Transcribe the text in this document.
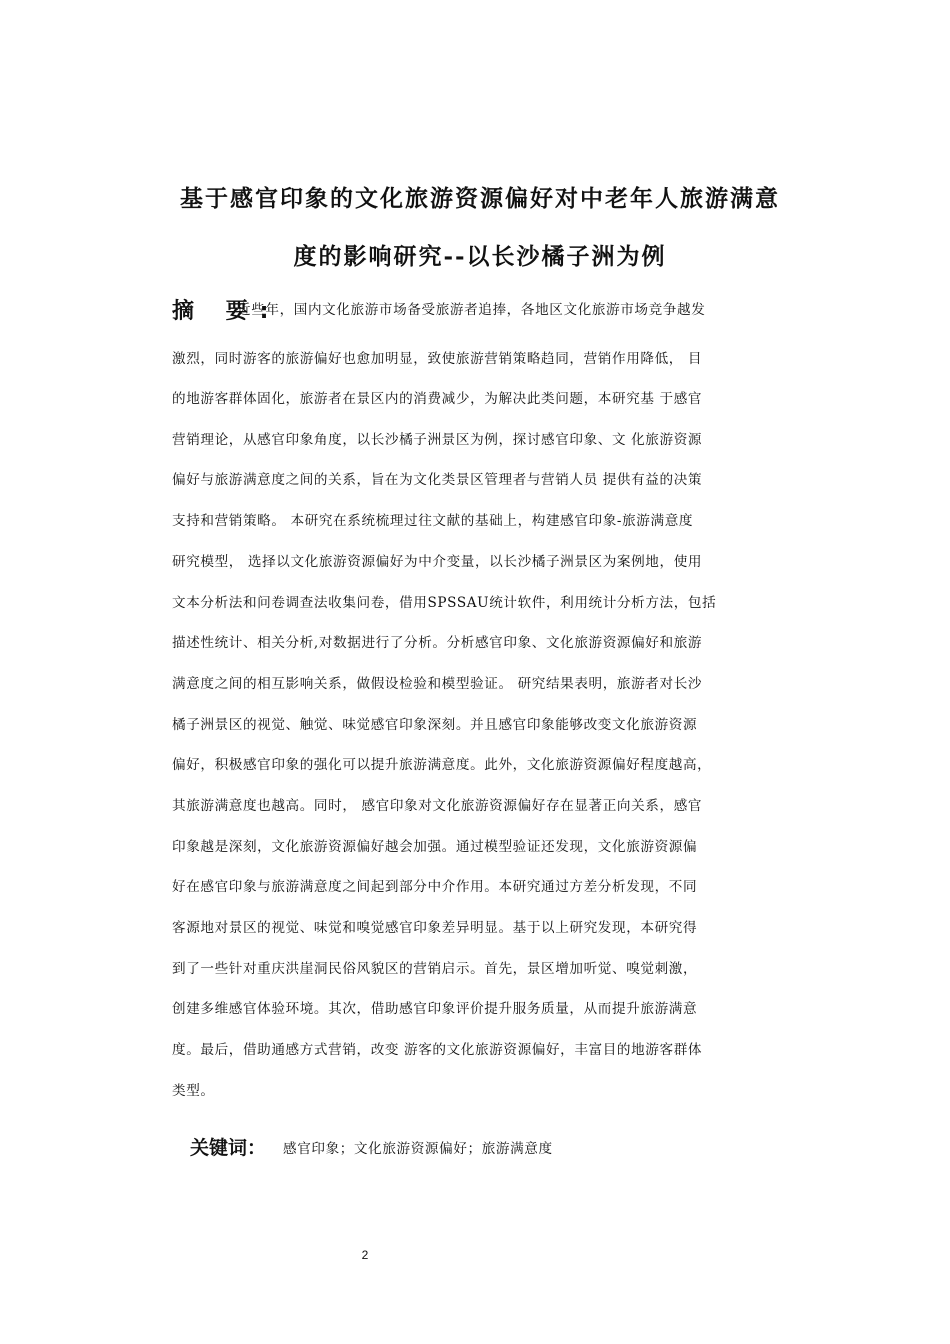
基于感官印象的文化旅游资源偏好对中老年人旅游满意
度的影响研究--以长沙橘子洲为例
摘 要:
近些年，国内文化旅游市场备受旅游者追捧，各地区文化旅游市场竞争越发
激烈，同时游客的旅游偏好也愈加明显，致使旅游营销策略趋同，营销作用降低， 目
的地游客群体固化，旅游者在景区内的消费减少，为解决此类问题，本研究基 于感官
营销理论，从感官印象角度，以长沙橘子洲景区为例，探讨感官印象、文 化旅游资源
偏好与旅游满意度之间的关系，旨在为文化类景区管理者与营销人员 提供有益的决策
支持和营销策略。 本研究在系统梳理过往文献的基础上，构建感官印象-旅游满意度
研究模型， 选择以文化旅游资源偏好为中介变量，以长沙橘子洲景区为案例地，使用
文本分析法和问卷调查法收集问卷，借用SPSSAU统计软件，利用统计分析方法，包括
描述性统计、相关分析,对数据进行了分析。分析感官印象、文化旅游资源偏好和旅游
满意度之间的相互影响关系，做假设检验和模型验证。 研究结果表明，旅游者对长沙
橘子洲景区的视觉、触觉、味觉感官印象深刻。并且感官印象能够改变文化旅游资源
偏好，积极感官印象的强化可以提升旅游满意度。此外，文化旅游资源偏好程度越高，
其旅游满意度也越高。同时， 感官印象对文化旅游资源偏好存在显著正向关系，感官
印象越是深刻，文化旅游资源偏好越会加强。通过模型验证还发现，文化旅游资源偏
好在感官印象与旅游满意度之间起到部分中介作用。本研究通过方差分析发现，不同
客源地对景区的视觉、味觉和嗅觉感官印象差异明显。基于以上研究发现，本研究得
到了一些针对重庆洪崖洞民俗风貌区的营销启示。首先，景区增加听觉、嗅觉刺激，
创建多维感官体验环境。其次，借助感官印象评价提升服务质量，从而提升旅游满意
度。最后，借助通感方式营销，改变 游客的文化旅游资源偏好，丰富目的地游客群体
类型。
关键词： 感官印象；文化旅游资源偏好；旅游满意度
2
